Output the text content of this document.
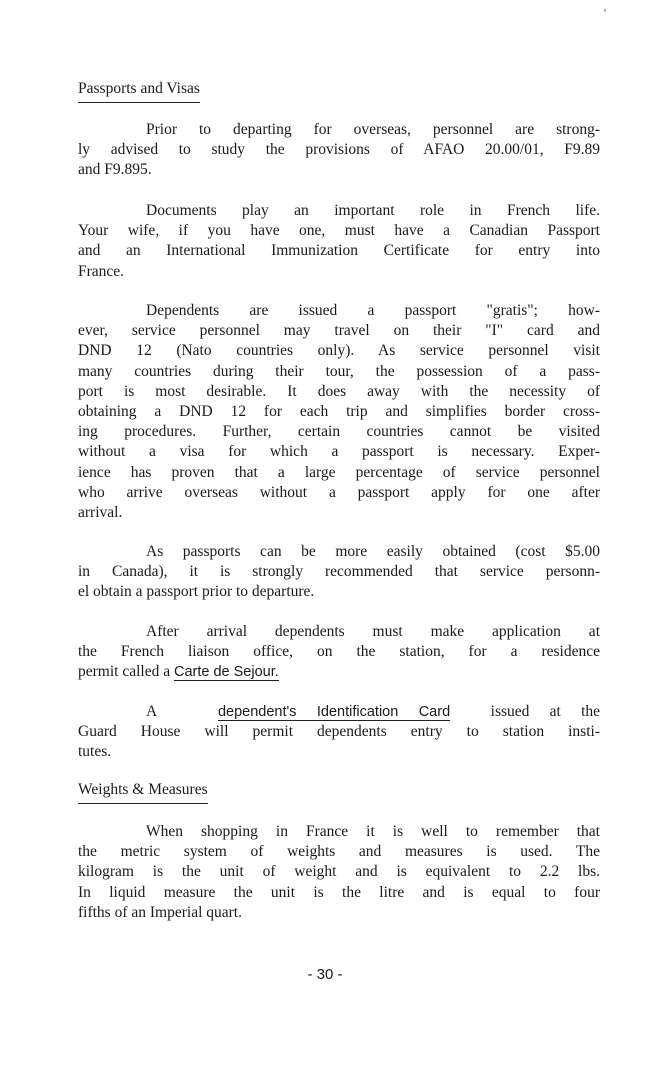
’
Passports and Visas

Prior to departing for overseas, personnel are strong-
ly advised to study the provisions of AFAO 20.00/01, F9.89
and F9.895.

Documents play an important role in French life.
Your wife, if you have one, must have a Canadian Passport
and an International Immunization Certificate for entry into
France.

Dependents are issued a passport "gratis"; how-
ever, service personnel may travel on their "I" card and
DND 12 (Nato countries only). As service personnel visit
many countries during their tour, the possession of a pass-
port is most desirable. It does away with the necessity of
obtaining a DND 12 for each trip and simplifies border cross-
ing procedures. Further, certain countries cannot be visited
without a visa for which a passport is necessary. Exper-
ience has proven that a large percentage of service personnel
who arrive overseas without a passport apply for one after
arrival.

As passports can be more easily obtained (cost $5.00
in Canada), it is strongly recommended that service personn-
el obtain a passport prior to departure.

After arrival dependents must make application at
the French liaison office, on the station, for a residence
permit called a Carte de Sejour.

A	dependent's Identification Card	issued at the
Guard House will permit dependents entry to station insti-
tutes.

Weights & Measures

When shopping in France it is well to remember that
the metric system of weights and measures is used. The
kilogram is the unit of weight and is equivalent to 2.2 lbs.
In liquid measure the unit is the litre and is equal to four
fifths of an Imperial quart.

- 30 -
